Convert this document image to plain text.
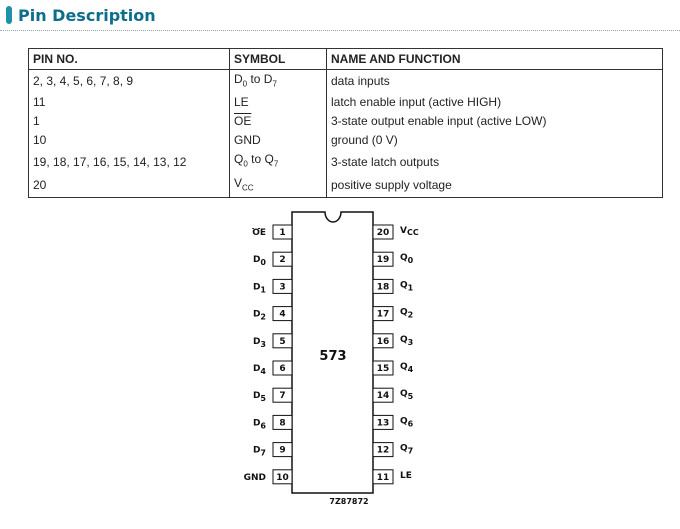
Pin Description
PIN NO.	SYMBOL	NAME AND FUNCTION
2, 3, 4, 5, 6, 7, 8, 9	$D_0$ to $D_7$	data inputs
11	LE	latch enable input (active HIGH)
1	$\overline{OE}$	3-state output enable input (active LOW)
10	GND	ground (0 V)
19, 18, 17, 16, 15, 14, 13, 12	$Q_0$ to $Q_7$	3-state latch outputs
20	$V_{CC}$	positive supply voltage
573
7Z87872
1
OE
2
D0
3
D1
4
D2
5
D3
6
D4
7
D5
8
D6
9
D7
10
GND
20 VCC
19 Q0
18 Q1
17 Q2
16 Q3
15 Q4
14 Q5
13 Q6
12 Q7
11 LE
